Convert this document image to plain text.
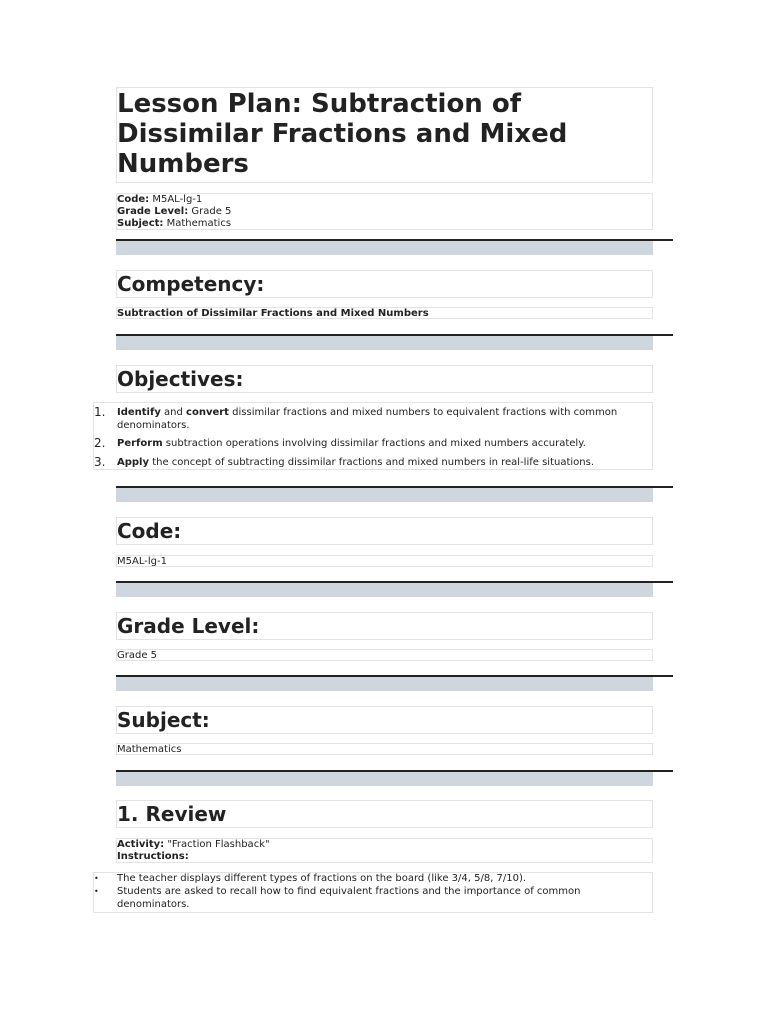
Lesson Plan: Subtraction of
Dissimilar Fractions and Mixed
Numbers
Code: M5AL-lg-1
Grade Level: Grade 5
Subject: Mathematics
Competency:
Subtraction of Dissimilar Fractions and Mixed Numbers
Objectives:
1.	Identify and convert dissimilar fractions and mixed numbers to equivalent fractions with common
denominators.
2.	Perform subtraction operations involving dissimilar fractions and mixed numbers accurately.
3.	Apply the concept of subtracting dissimilar fractions and mixed numbers in real-life situations.
Code:
M5AL-lg-1
Grade Level:
Grade 5
Subject:
Mathematics
1. Review
Activity: "Fraction Flashback"
Instructions:
• The teacher displays different types of fractions on the board (like 3/4, 5/8, 7/10).
• Students are asked to recall how to find equivalent fractions and the importance of common
denominators.
